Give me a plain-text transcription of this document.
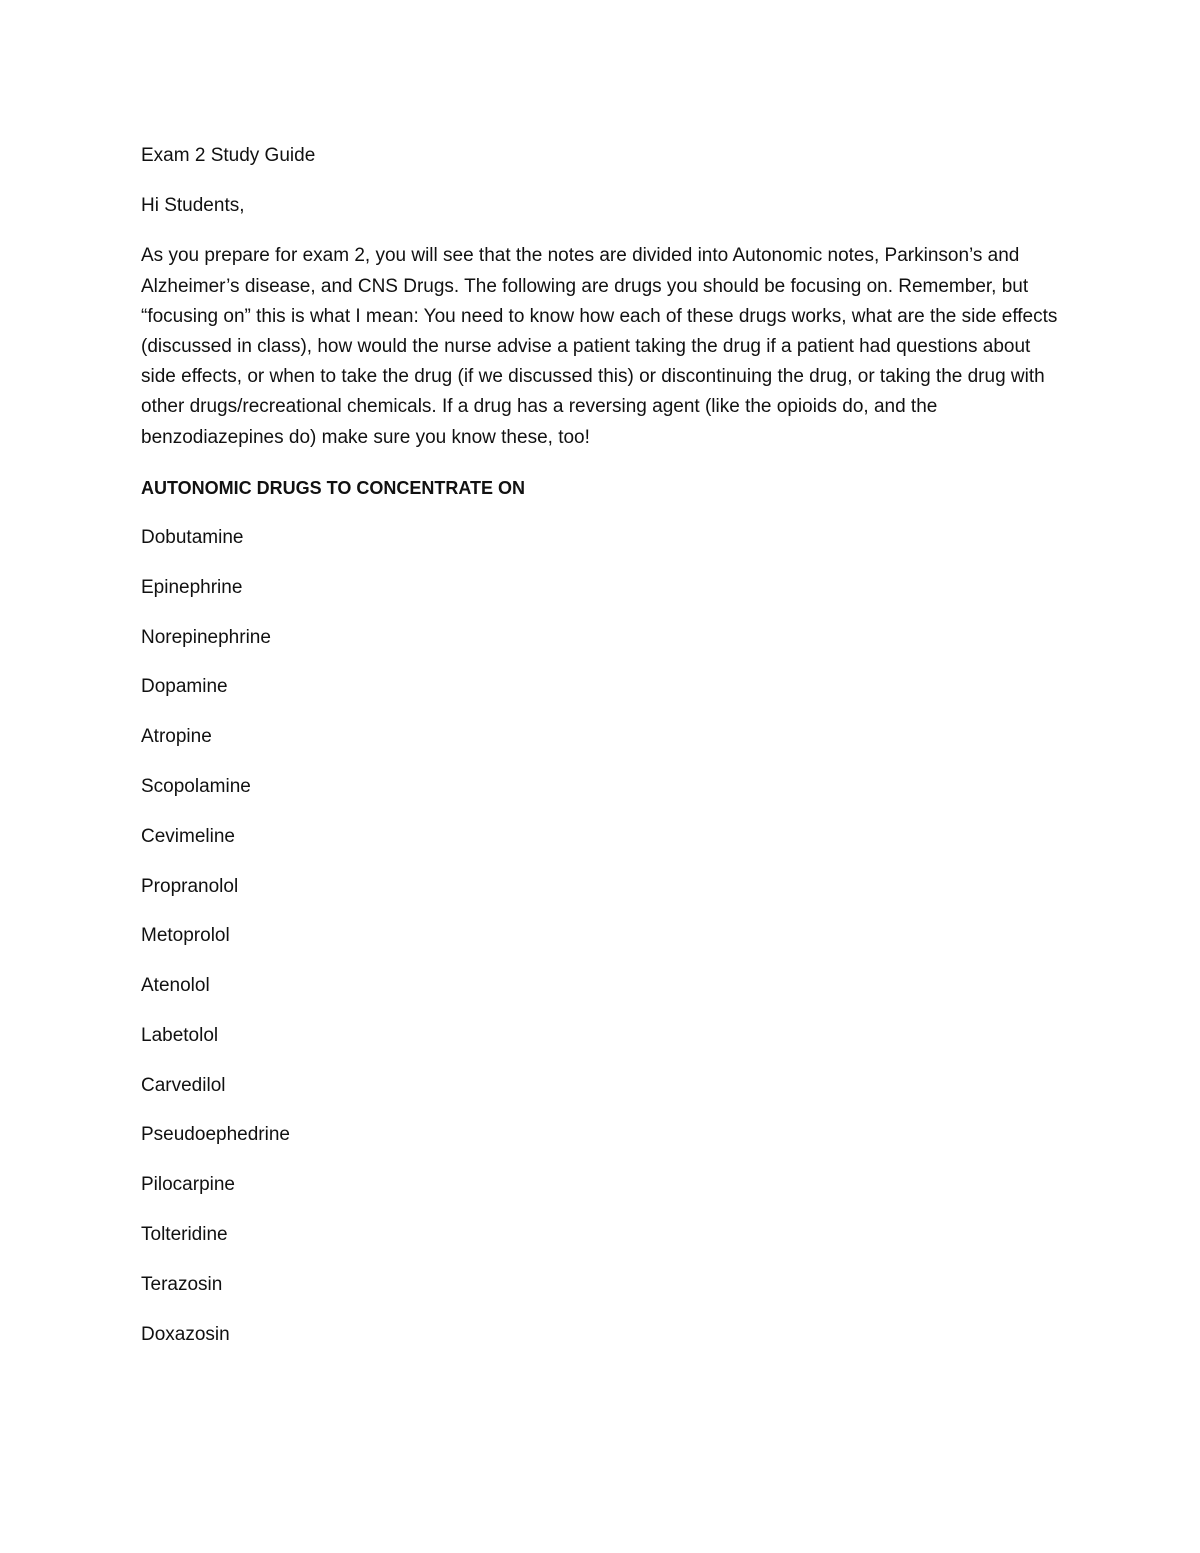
Exam 2 Study Guide

Hi Students,

As you prepare for exam 2, you will see that the notes are divided into Autonomic notes, Parkinson’s and Alzheimer’s disease, and CNS Drugs. The following are drugs you should be focusing on. Remember, but “focusing on” this is what I mean: You need to know how each of these drugs works, what are the side effects (discussed in class), how would the nurse advise a patient taking the drug if a patient had questions about side effects, or when to take the drug (if we discussed this) or discontinuing the drug, or taking the drug with other drugs/recreational chemicals. If a drug has a reversing agent (like the opioids do, and the benzodiazepines do) make sure you know these, too!

AUTONOMIC DRUGS TO CONCENTRATE ON

Dobutamine
Epinephrine
Norepinephrine
Dopamine
Atropine
Scopolamine
Cevimeline
Propranolol
Metoprolol
Atenolol
Labetolol
Carvedilol
Pseudoephedrine
Pilocarpine
Tolteridine
Terazosin
Doxazosin
